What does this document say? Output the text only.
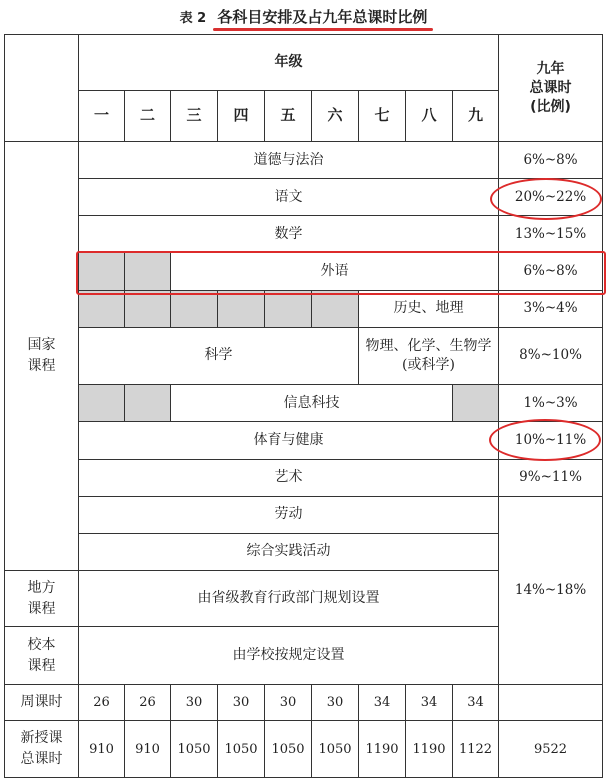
表 2 各科目安排及占九年总课时比例
	年级									九年
总课时
(比例)

	一	二	三	四	五	六	七	八	九	
国家
课程	道德与法治									6%~8%
	语文									20%~22%
	数学									13%~15%
			外语							6%~8%
							历史、地理			3%~4%
	科学						物理、化学、生物学(或科学)			8%~10%
			信息科技							1%~3%
	体育与健康									10%~11%
	艺术									9%~11%
	劳动									14%~18%
	综合实践活动									
地方
课程	由省级教育行政部门规划设置									
校本
课程	由学校按规定设置									
周课时	26	26	30	30	30	30	34	34	34	
新授课
总课时	910	910	1050	1050	1050	1050	1190	1190	1122	9522
